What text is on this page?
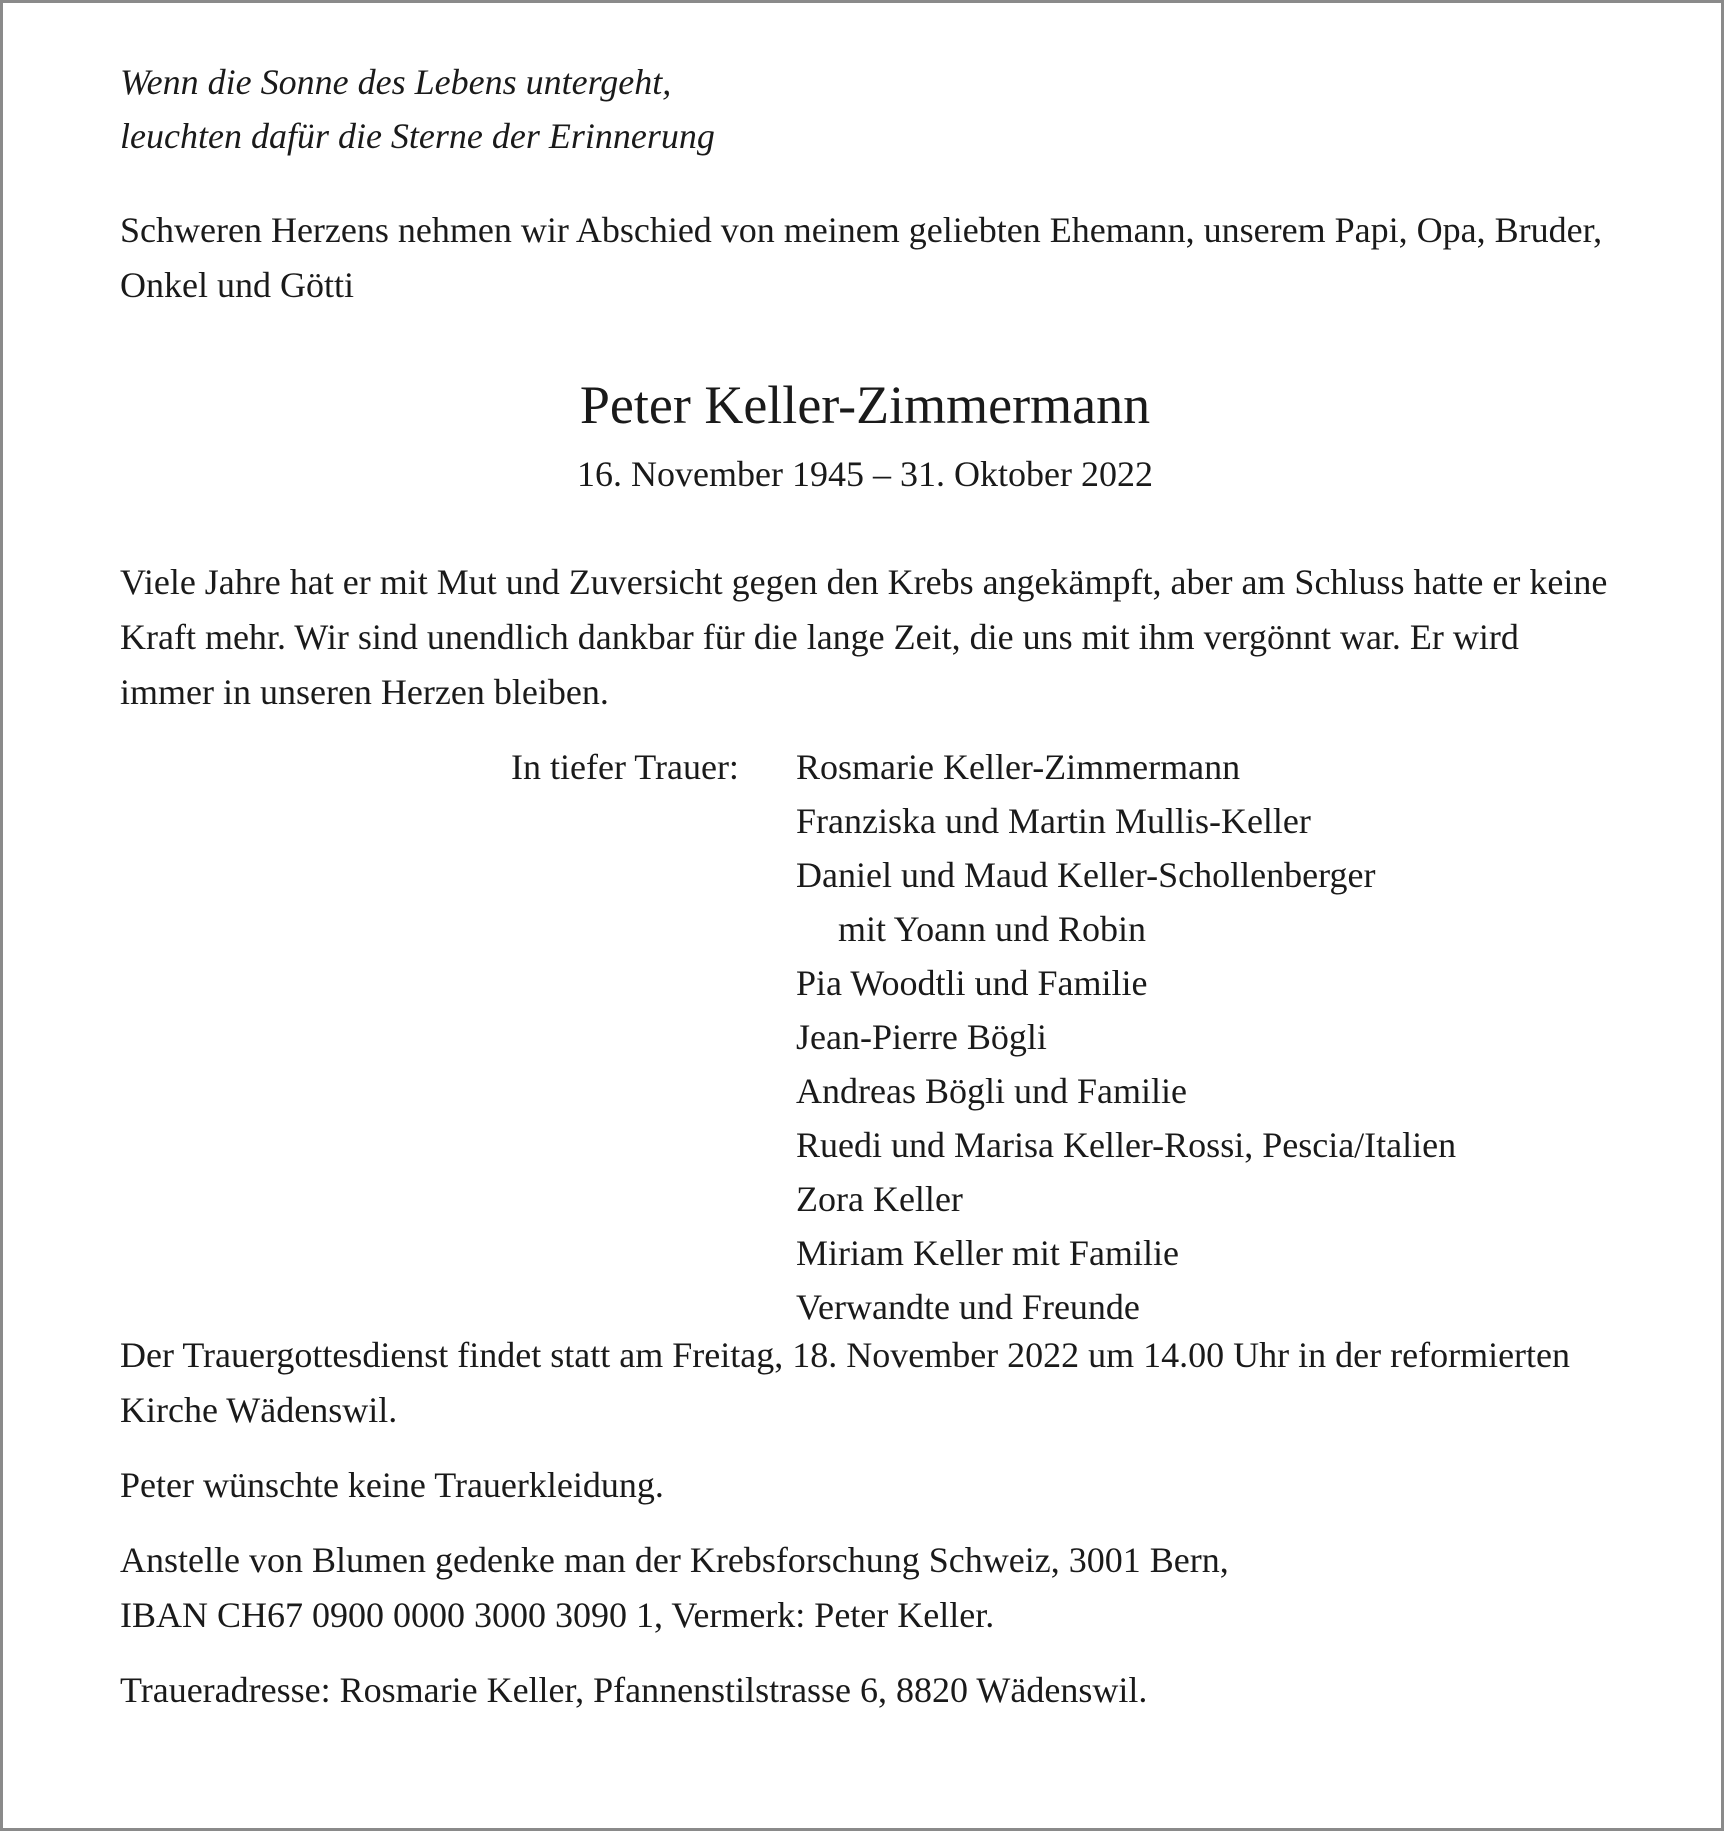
Wenn die Sonne des Lebens untergeht,
leuchten dafür die Sterne der Erinnerung

Schweren Herzens nehmen wir Abschied von meinem geliebten Ehemann, unserem Papi, Opa, Bruder, Onkel und Götti

Peter Keller-Zimmermann
16. November 1945 – 31. Oktober 2022

Viele Jahre hat er mit Mut und Zuversicht gegen den Krebs angekämpft, aber am Schluss hatte er keine Kraft mehr. Wir sind unendlich dankbar für die lange Zeit, die uns mit ihm vergönnt war. Er wird immer in unseren Herzen bleiben.

In tiefer Trauer: Rosmarie Keller-Zimmermann
Franziska und Martin Mullis-Keller
Daniel und Maud Keller-Schollenberger
mit Yoann und Robin
Pia Woodtli und Familie
Jean-Pierre Bögli
Andreas Bögli und Familie
Ruedi und Marisa Keller-Rossi, Pescia/Italien
Zora Keller
Miriam Keller mit Familie
Verwandte und Freunde

Der Trauergottesdienst findet statt am Freitag, 18. November 2022 um 14.00 Uhr in der reformierten Kirche Wädenswil.

Peter wünschte keine Trauerkleidung.

Anstelle von Blumen gedenke man der Krebsforschung Schweiz, 3001 Bern,
IBAN CH67 0900 0000 3000 3090 1, Vermerk: Peter Keller.

Traueradresse: Rosmarie Keller, Pfannenstilstrasse 6, 8820 Wädenswil.
